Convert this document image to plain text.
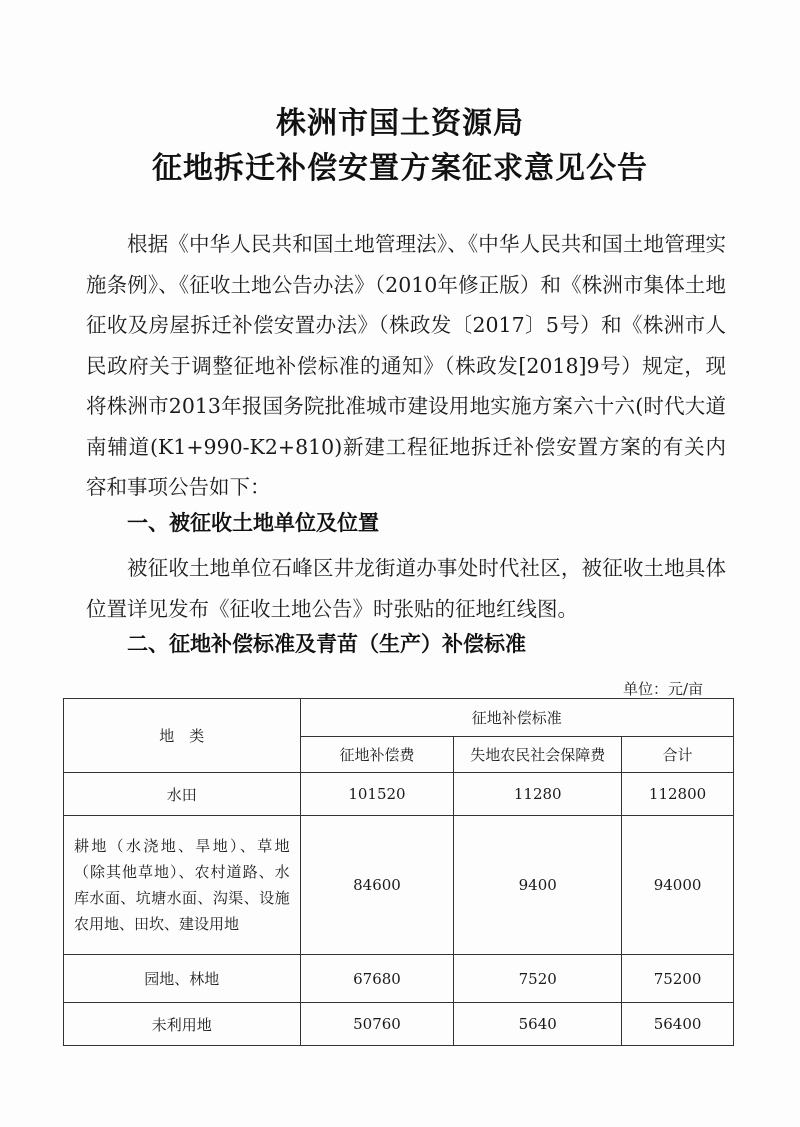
株洲市国土资源局
征地拆迁补偿安置方案征求意见公告
根据《中华人民共和国土地管理法》、《中华人民共和国土地管理实施条例》、《征收土地公告办法》（2010年修正版）和《株洲市集体土地征收及房屋拆迁补偿安置办法》（株政发〔2017〕5号）和《株洲市人民政府关于调整征地补偿标准的通知》（株政发[2018]9号）规定，现将株洲市2013年报国务院批准城市建设用地实施方案六十六(时代大道南辅道(K1+990-K2+810)新建工程征地拆迁补偿安置方案的有关内容和事项公告如下：
一、被征收土地单位及位置
被征收土地单位石峰区井龙街道办事处时代社区，被征收土地具体位置详见发布《征收土地公告》时张贴的征地红线图。
二、征地补偿标准及青苗（生产）补偿标准
单位：元/亩
地　类	征地补偿标准		
	征地补偿费	失地农民社会保障费	合计
水田	101520	11280	112800
耕地（水浇地、旱地）、草地（除其他草地）、农村道路、水库水面、坑塘水面、沟渠、设施农用地、田坎、建设用地	84600	9400	94000
园地、林地	67680	7520	75200
未利用地	50760	5640	56400
